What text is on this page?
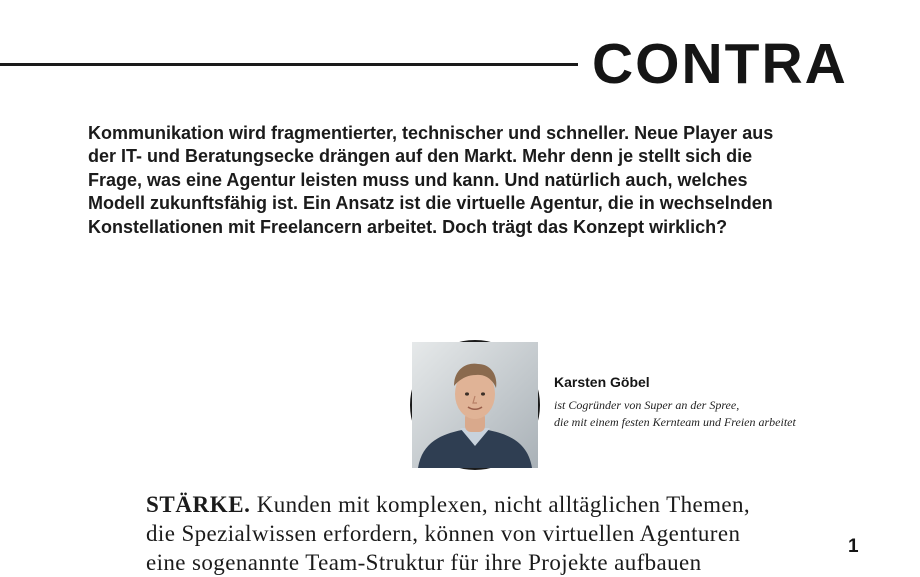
CONTRA

Kommunikation wird fragmentierter, technischer und schneller. Neue Player aus
der IT- und Beratungsecke drängen auf den Markt. Mehr denn je stellt sich die
Frage, was eine Agentur leisten muss und kann. Und natürlich auch, welches
Modell zukunftsfähig ist. Ein Ansatz ist die virtuelle Agentur, die in wechselnden
Konstellationen mit Freelancern arbeitet. Doch trägt das Konzept wirklich?

Karsten Göbel

ist Cogründer von Super an der Spree,
die mit einem festen Kernteam und Freien arbeitet

STÄRKE. Kunden mit komplexen, nicht alltäglichen Themen,
die Spezialwissen erfordern, können von virtuellen Agenturen
eine sogenannte Team-Struktur für ihre Projekte aufbauen

1
